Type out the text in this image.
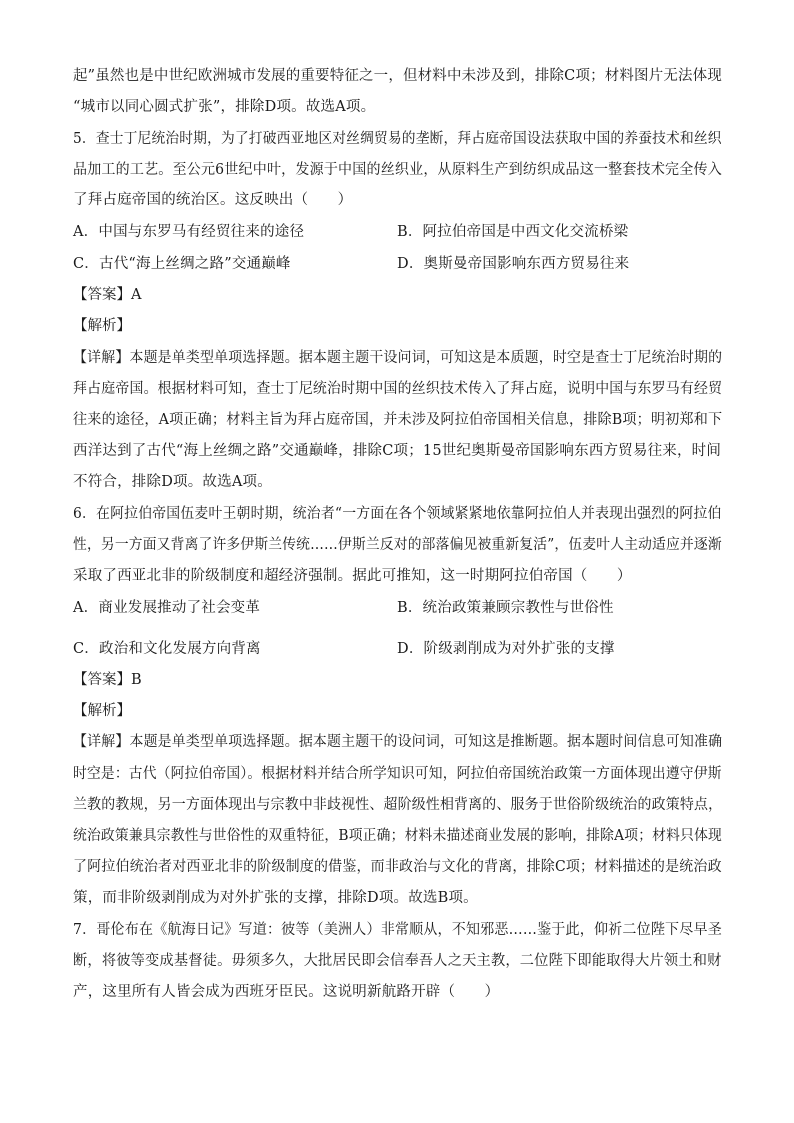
起”虽然也是中世纪欧洲城市发展的重要特征之一，但材料中未涉及到，排除C项；材料图片无法体现
“城市以同心圆式扩张”，排除D项。故选A项。
5．查士丁尼统治时期，为了打破西亚地区对丝绸贸易的垄断，拜占庭帝国设法获取中国的养蚕技术和丝织
品加工的工艺。至公元6世纪中叶，发源于中国的丝织业，从原料生产到纺织成品这一整套技术完全传入
了拜占庭帝国的统治区。这反映出（　　）
A．中国与东罗马有经贸往来的途径	B．阿拉伯帝国是中西文化交流桥梁
C．古代“海上丝绸之路”交通巅峰	D．奥斯曼帝国影响东西方贸易往来
【答案】A
【解析】
【详解】本题是单类型单项选择题。据本题主题干设问词，可知这是本质题，时空是查士丁尼统治时期的
拜占庭帝国。根据材料可知，查士丁尼统治时期中国的丝织技术传入了拜占庭，说明中国与东罗马有经贸
往来的途径，A项正确；材料主旨为拜占庭帝国，并未涉及阿拉伯帝国相关信息，排除B项；明初郑和下
西洋达到了古代“海上丝绸之路”交通巅峰，排除C项；15世纪奥斯曼帝国影响东西方贸易往来，时间
不符合，排除D项。故选A项。
6．在阿拉伯帝国伍麦叶王朝时期，统治者“一方面在各个领域紧紧地依靠阿拉伯人并表现出强烈的阿拉伯
性，另一方面又背离了许多伊斯兰传统……伊斯兰反对的部落偏见被重新复活”，伍麦叶人主动适应并逐渐
采取了西亚北非的阶级制度和超经济强制。据此可推知，这一时期阿拉伯帝国（　　）
A．商业发展推动了社会变革	B．统治政策兼顾宗教性与世俗性
C．政治和文化发展方向背离	D．阶级剥削成为对外扩张的支撑
【答案】B
【解析】
【详解】本题是单类型单项选择题。据本题主题干的设问词，可知这是推断题。据本题时间信息可知准确
时空是：古代（阿拉伯帝国）。根据材料并结合所学知识可知，阿拉伯帝国统治政策一方面体现出遵守伊斯
兰教的教规，另一方面体现出与宗教中非歧视性、超阶级性相背离的、服务于世俗阶级统治的政策特点，
统治政策兼具宗教性与世俗性的双重特征，B项正确；材料未描述商业发展的影响，排除A项；材料只体现
了阿拉伯统治者对西亚北非的阶级制度的借鉴，而非政治与文化的背离，排除C项；材料描述的是统治政
策，而非阶级剥削成为对外扩张的支撑，排除D项。故选B项。
7．哥伦布在《航海日记》写道：彼等（美洲人）非常顺从，不知邪恶……鉴于此，仰祈二位陛下尽早圣
断，将彼等变成基督徒。毋须多久，大批居民即会信奉吾人之天主教，二位陛下即能取得大片领土和财
产，这里所有人皆会成为西班牙臣民。这说明新航路开辟（　　）
